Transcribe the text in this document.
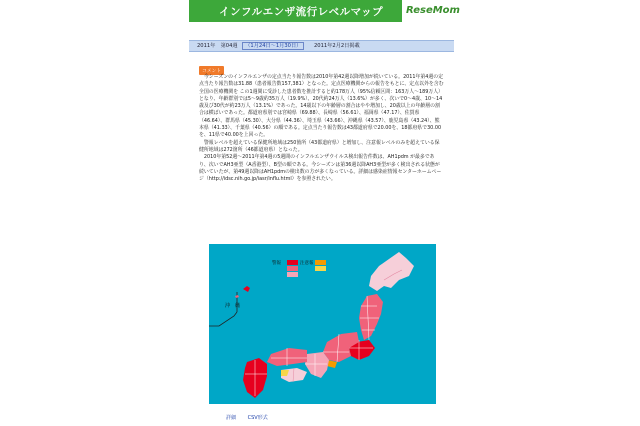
インフルエンザ流行レベルマップ	ReseMom
2011年　第04週 （1月24日〜1月30日） 2011年2月2日掲載
コメント

　今シーズンのインフルエンザの定点当たり報告数は2010年第42週以降増加が続いている。2011年第4週の定点当たり報告数は31.88（患者報告数157,381）となった。定点医療機関からの報告をもとに、定点以外を含む全国の医療機関を この1週間に受診した患者数を推計すると約178万人（95%信頼区間：163万人〜189万人）となり、年齢群別では5〜9歳約35万人（19.9%）、20代約24万人（13.6%）が多く、次いで0〜4歳、10〜14歳及び30代が約23万人（13.1%）であった。14歳以下の年齢層の割合はやや増加し、20歳以上の年齢層の割合は横ばいであった。都道府県別では宮崎県（69.88）、長崎県（56.61）、福岡県（47.17）、佐賀県（46.64）、群馬県（45.30）、大分県（44.36）、埼玉県（43.66）、沖縄県（43.57）、鹿児島県（43.24）、熊本県（41.33）、千葉県（40.56）の順である。定点当たり報告数は43都道府県で20.00を、18都府県で30.00を、11県で40.00を上回った。

　警報レベルを超えている保健所地域は250箇所（43都道府県）と増加し、注意報レベルのみを超えている保健所地域は272箇所（46都道府県）となった。

　2010年第52週〜2011年第4週の5週間のインフルエンザウイルス検出報告件数は、AH1pdm が最多であり、次いでAH3亜型（A香港型）、B型の順である。今シーズンは第36週以降AH3亜型が多く検出される状態が続いていたが、第49週以降はAH1pdmの検出数の方が多くなっている。詳細は感染症情報センターホームページ（http://idsc.nih.go.jp/iasr/influ.html）を参照されたい。

警報	注意報
沖　縄
詳細 CSV形式
